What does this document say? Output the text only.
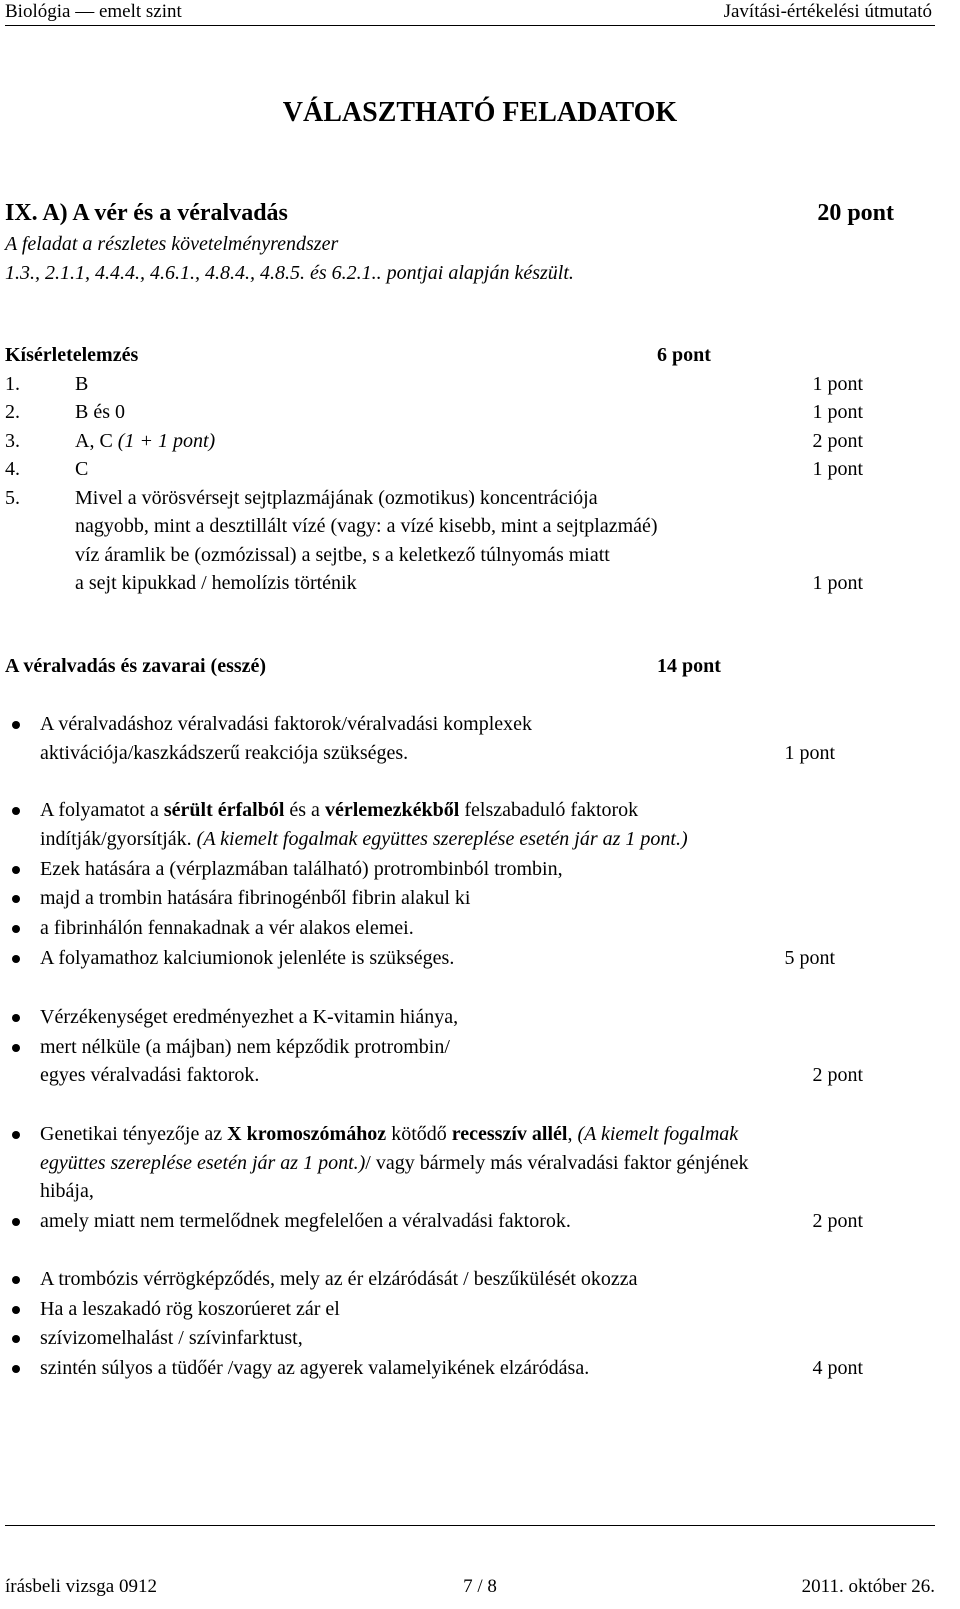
Biológia — emelt szint	Javítási-értékelési útmutató
VÁLASZTHATÓ FELADATOK
IX. A) A vér és a véralvadás	20 pont
A feladat a részletes követelményrendszer
1.3., 2.1.1, 4.4.4., 4.6.1., 4.8.4., 4.8.5. és 6.2.1.. pontjai alapján készült.
Kísérletelemzés	6 pont
1.	B	1 pont
2.	B és 0	1 pont
3.	A, C (1 + 1 pont)	2 pont
4.	C	1 pont
5.	Mivel a vörösvérsejt sejtplazmájának (ozmotikus) koncentrációja
nagyobb, mint a desztillált vízé (vagy: a vízé kisebb, mint a sejtplazmáé)
víz áramlik be (ozmózissal) a sejtbe, s a keletkező túlnyomás miatt
a sejt kipukkad / hemolízis történik	1 pont
A véralvadás és zavarai (esszé)	14 pont
A véralvadáshoz véralvadási faktorok/véralvadási komplexek
aktivációja/kaszkádszerű reakciója szükséges.	1 pont
A folyamatot a sérült érfalból és a vérlemezkékből felszabaduló faktorok
indítják/gyorsítják. (A kiemelt fogalmak együttes szereplése esetén jár az 1 pont.)
Ezek hatására a (vérplazmában található) protrombinból trombin,
majd a trombin hatására fibrinogénből fibrin alakul ki
a fibrinhálón fennakadnak a vér alakos elemei.
A folyamathoz kalciumionok jelenléte is szükséges.	5 pont
Vérzékenységet eredményezhet a K-vitamin hiánya,
mert nélküle (a májban) nem képződik protrombin/
egyes véralvadási faktorok.	2 pont
Genetikai tényezője az X kromoszómához kötődő recesszív allél, (A kiemelt fogalmak
együttes szereplése esetén jár az 1 pont.)/ vagy bármely más véralvadási faktor génjének
hibája,
amely miatt nem termelődnek megfelelően a véralvadási faktorok.	2 pont
A trombózis vérrögképződés, mely az ér elzáródását / beszűkülését okozza
Ha a leszakadó rög koszorúeret zár el
szívizomelhalást / szívinfarktust,
szintén súlyos a tüdőér /vagy az agyerek valamelyikének elzáródása.	4 pont
írásbeli vizsga 0912	7 / 8	2011. október 26.
